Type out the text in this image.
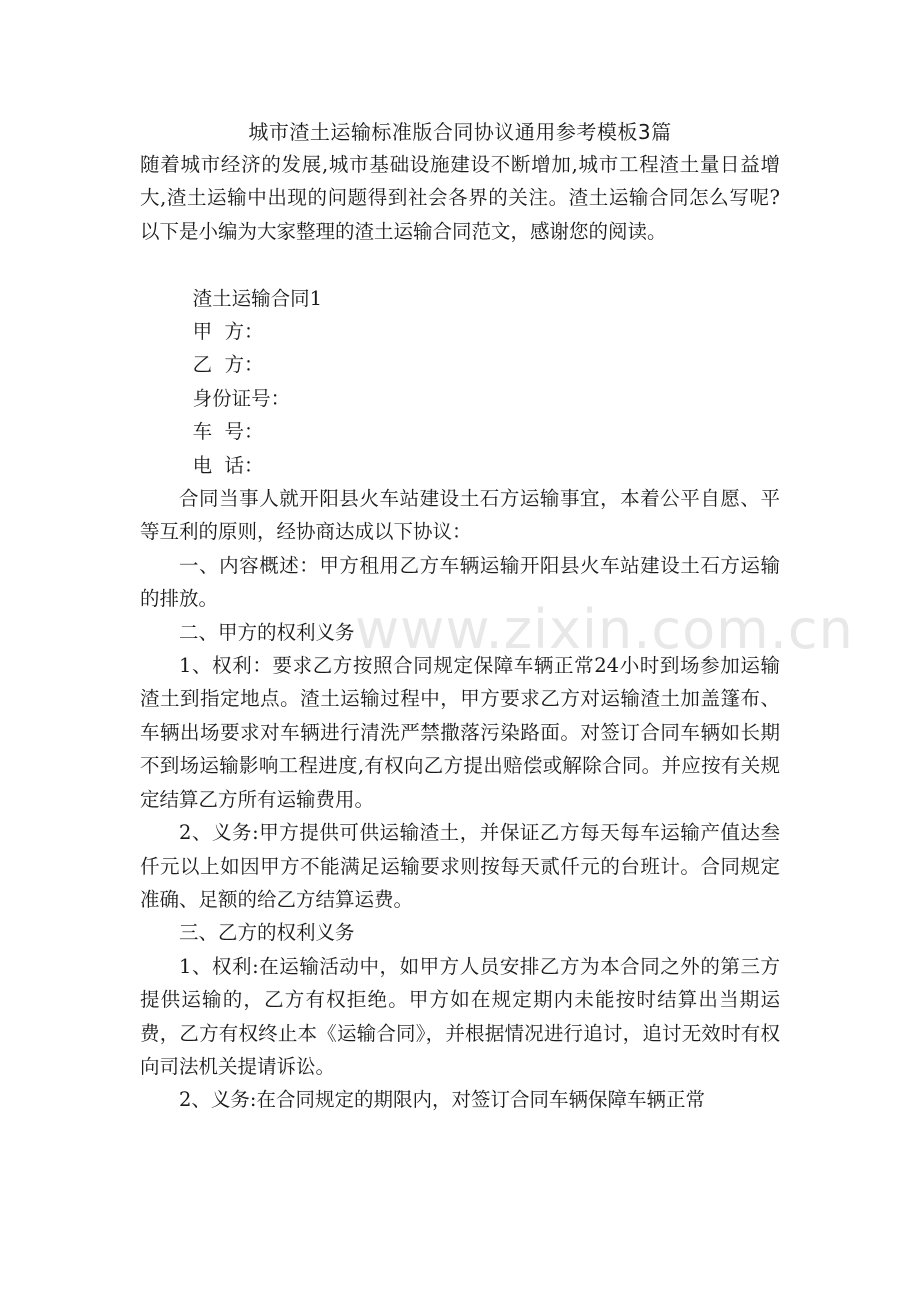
城市渣土运输标准版合同协议通用参考模板3篇

随着城市经济的发展,城市基础设施建设不断增加,城市工程渣土量日益增大,渣土运输中出现的问题得到社会各界的关注。渣土运输合同怎么写呢?以下是小编为大家整理的渣土运输合同范文，感谢您的阅读。

渣土运输合同1

甲  方：

乙  方：

身份证号：

车  号：

电  话：

合同当事人就开阳县火车站建设土石方运输事宜，本着公平自愿、平等互利的原则，经协商达成以下协议：

一、内容概述：甲方租用乙方车辆运输开阳县火车站建设土石方运输的排放。

二、甲方的权利义务

1、权利：要求乙方按照合同规定保障车辆正常24小时到场参加运输渣土到指定地点。渣土运输过程中，甲方要求乙方对运输渣土加盖篷布、车辆出场要求对车辆进行清洗严禁撒落污染路面。对签订合同车辆如长期不到场运输影响工程进度,有权向乙方提出赔偿或解除合同。并应按有关规定结算乙方所有运输费用。

2、义务:甲方提供可供运输渣土，并保证乙方每天每车运输产值达叁仟元以上如因甲方不能满足运输要求则按每天贰仟元的台班计。合同规定准确、足额的给乙方结算运费。

三、乙方的权利义务

1、权利:在运输活动中，如甲方人员安排乙方为本合同之外的第三方提供运输的，乙方有权拒绝。甲方如在规定期内未能按时结算出当期运费，乙方有权终止本《运输合同》，并根据情况进行追讨，追讨无效时有权向司法机关提请诉讼。

2、义务:在合同规定的期限内，对签订合同车辆保障车辆正常

www.zixin.com.cn
